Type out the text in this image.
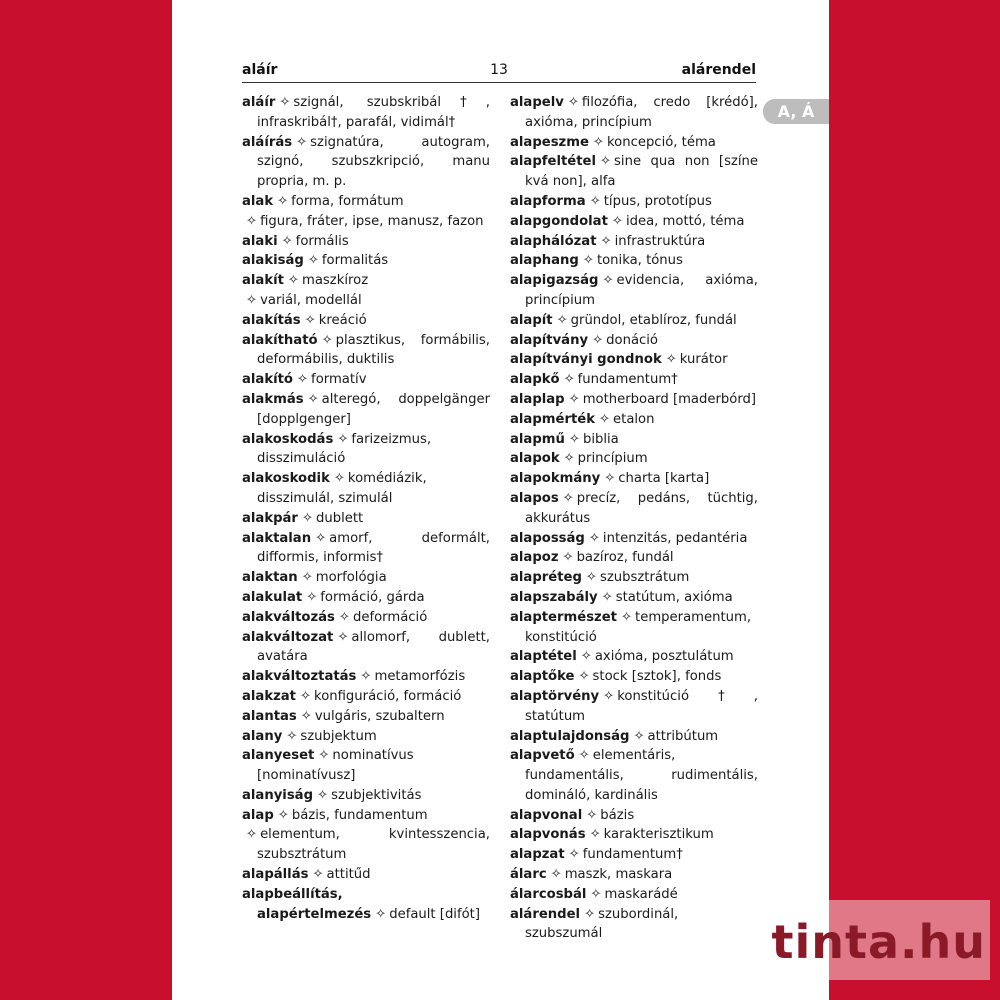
aláír	13	alárendel
aláír ✧ szignál, szubskribál†, infraskribál†, parafál, vidimál†
aláírás ✧ szignatúra, autogram, szignó, szubszkripció, manu propria, m. p.
alak ✧ forma, formátum
✧ figura, fráter, ipse, manusz, fazon
alaki ✧ formális
alakiság ✧ formalitás
alakít ✧ maszkíroz
✧ variál, modellál
alakítás ✧ kreáció
alakítható ✧ plasztikus, formábilis, deformábilis, duktilis
alakító ✧ formatív
alakmás ✧ alteregó, doppelgänger [dopplgenger]
alakoskodás ✧ farizeizmus, disszimuláció
alakoskodik ✧ komédiázik, disszimulál, szimulál
alakpár ✧ dublett
alaktalan ✧ amorf, deformált, difformis, informis†
alaktan ✧ morfológia
alakulat ✧ formáció, gárda
alakváltozás ✧ deformáció
alakváltozat ✧ allomorf, dublett, avatára
alakváltoztatás ✧ metamorfózis
alakzat ✧ konfiguráció, formáció
alantas ✧ vulgáris, szubaltern
alany ✧ szubjektum
alanyeset ✧ nominatívus [nominatívusz]
alanyiság ✧ szubjektivitás
alap ✧ bázis, fundamentum
✧ elementum, kvintesszencia, szubsztrátum
alapállás ✧ attitűd
alapbeállítás, alapértelmezés ✧ default [difót]
alapelv ✧ filozófia, credo [krédó], axióma, princípium
alapeszme ✧ koncepció, téma
alapfeltétel ✧ sine qua non [színe kvá non], alfa
alapforma ✧ típus, prototípus
alapgondolat ✧ idea, mottó, téma
alaphálózat ✧ infrastruktúra
alaphang ✧ tonika, tónus
alapigazság ✧ evidencia, axióma, princípium
alapít ✧ gründol, etablíroz, fundál
alapítvány ✧ donáció
alapítványi gondnok ✧ kurátor
alapkő ✧ fundamentum†
alaplap ✧ motherboard [maderbórd]
alapmérték ✧ etalon
alapmű ✧ biblia
alapok ✧ princípium
alapokmány ✧ charta [karta]
alapos ✧ precíz, pedáns, tüchtig, akkurátus
alaposság ✧ intenzitás, pedantéria
alapoz ✧ bazíroz, fundál
alapréteg ✧ szubsztrátum
alapszabály ✧ statútum, axióma
alaptermészet ✧ temperamentum, konstitúció
alaptétel ✧ axióma, posztulátum
alaptőke ✧ stock [sztok], fonds
alaptörvény ✧ konstitúció†, statútum
alaptulajdonság ✧ attribútum
alapvető ✧ elementáris, fundamentális, rudimentális, domináló, kardinális
alapvonal ✧ bázis
alapvonás ✧ karakterisztikum
alapzat ✧ fundamentum†
álarc ✧ maszk, maskara
álarcosbál ✧ maskarádé
alárendel ✧ szubordinál, szubszumál
A, Á
tinta.hu
